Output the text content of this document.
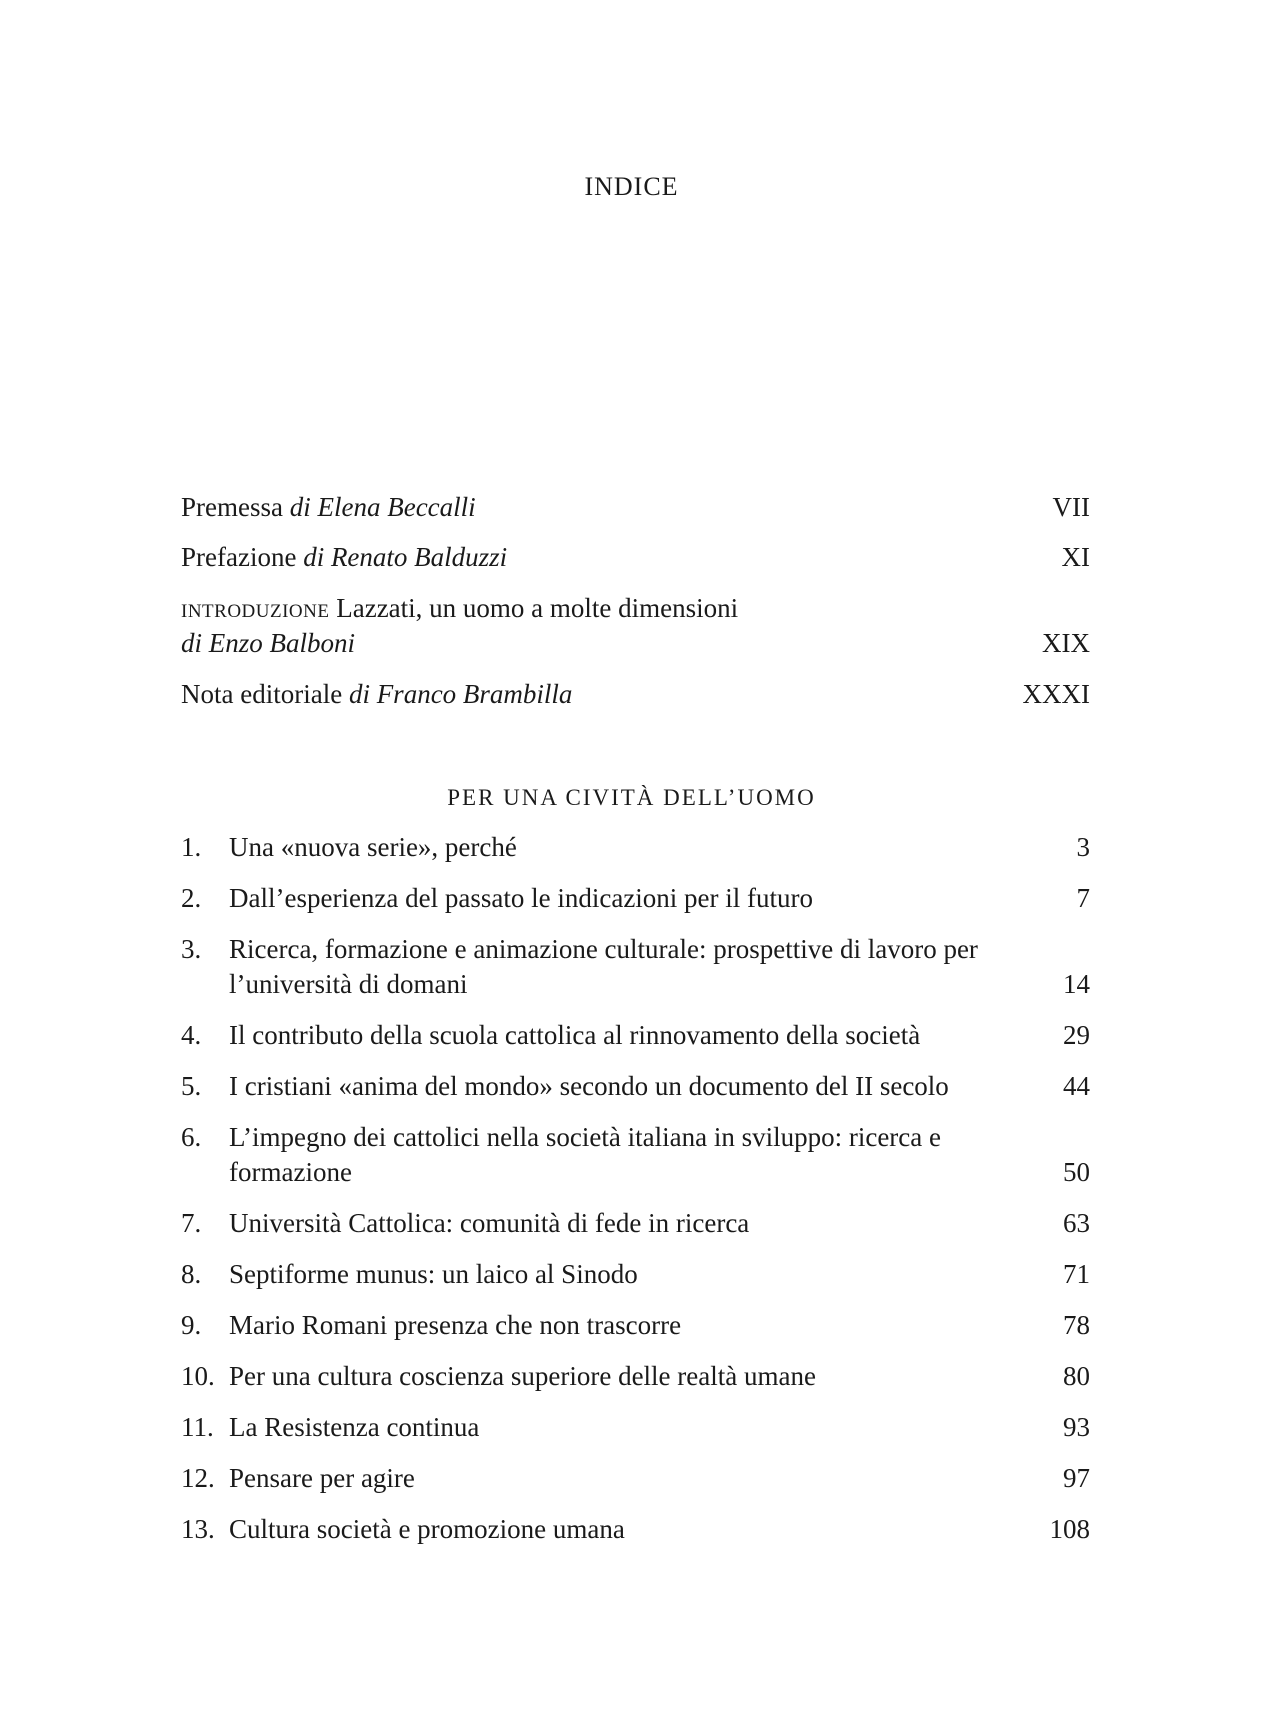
INDICE
Premessa di Elena Beccalli	VII
Prefazione di Renato Balduzzi	XI
introduzione Lazzati, un uomo a molte dimensioni
di Enzo Balboni	XIX
Nota editoriale di Franco Brambilla	XXXI
PER UNA CIVITÀ DELL’UOMO
1.	Una «nuova serie», perché	3
2.	Dall’esperienza del passato le indicazioni per il futuro	7
3.	Ricerca, formazione e animazione culturale: prospettive di lavoro per l’università di domani	14
4.	Il contributo della scuola cattolica al rinnovamento della società	29
5.	I cristiani «anima del mondo» secondo un documento del II secolo	44
6.	L’impegno dei cattolici nella società italiana in sviluppo: ricerca e formazione	50
7.	Università Cattolica: comunità di fede in ricerca	63
8.	Septiforme munus: un laico al Sinodo	71
9.	Mario Romani presenza che non trascorre	78
10. Per una cultura coscienza superiore delle realtà umane	80
11. La Resistenza continua	93
12. Pensare per agire	97
13. Cultura società e promozione umana	108
